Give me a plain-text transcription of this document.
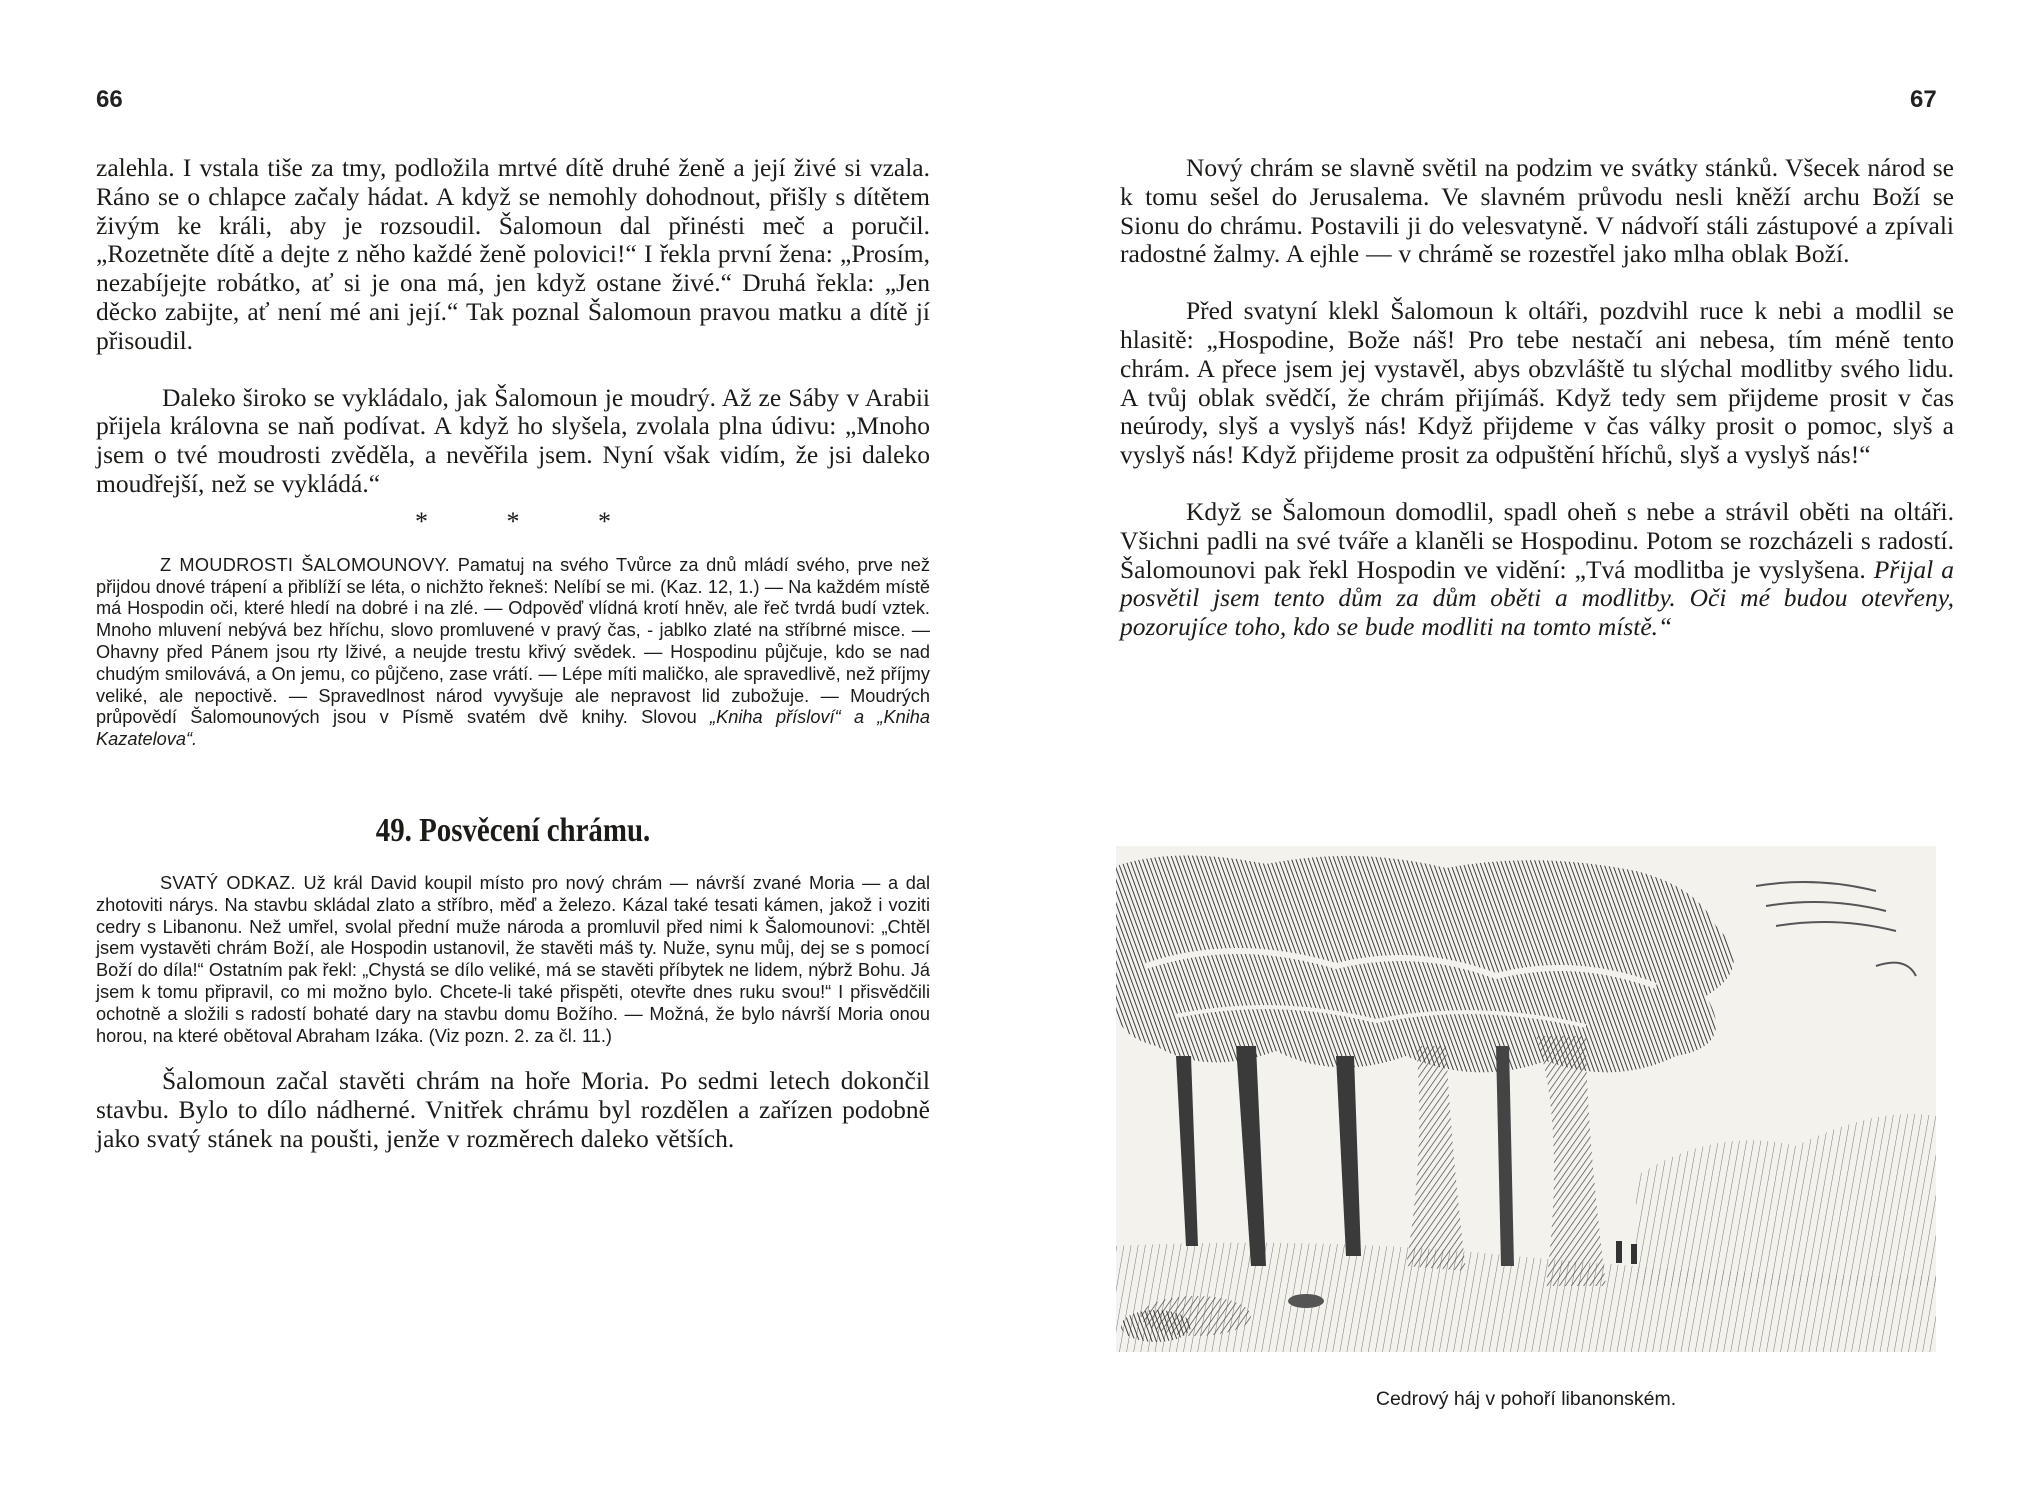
66	67

zalehla. I vstala tiše za tmy, podložila mrtvé dítě druhé ženě a její živé si vzala. Ráno se o chlapce začaly hádat. A když se nemohly dohodnout, přišly s dítětem živým ke králi, aby je rozsoudil. Šalomoun dal přinésti meč a poručil. „Rozetněte dítě a dejte z něho každé ženě polovici!“ I řekla první žena: „Prosím, nezabíjejte robátko, ať si je ona má, jen když ostane živé.“ Druhá řekla: „Jen děcko zabijte, ať není mé ani její.“ Tak poznal Šalomoun pravou matku a dítě jí přisoudil.

Daleko široko se vykládalo, jak Šalomoun je moudrý. Až ze Sáby v Arabii přijela královna se naň podívat. A když ho slyšela, zvolala plna údivu: „Mnoho jsem o tvé moudrosti zvěděla, a nevěřila jsem. Nyní však vidím, že jsi daleko moudřejší, než se vykládá.“

* * *

Z MOUDROSTI ŠALOMOUNOVY. Pamatuj na svého Tvůrce za dnů mládí svého, prve než přijdou dnové trápení a přiblíží se léta, o nichžto řekneš: Nelíbí se mi. (Kaz. 12, 1.) — Na každém místě má Hospodin oči, které hledí na dobré i na zlé. — Odpověď vlídná krotí hněv, ale řeč tvrdá budí vztek. Mnoho mluvení nebývá bez hříchu, slovo promluvené v pravý čas, - jablko zlaté na stříbrné misce. — Ohavny před Pánem jsou rty lživé, a neujde trestu křivý svědek. — Hospodinu půjčuje, kdo se nad chudým smilovává, a On jemu, co půjčeno, zase vrátí. — Lépe míti maličko, ale spravedlivě, než příjmy veliké, ale nepoctivě. — Spravedlnost národ vyvyšuje ale nepravost lid zubožuje. — Moudrých průpovědí Šalomounových jsou v Písmě svatém dvě knihy. Slovou „Kniha přísloví“ a „Kniha Kazatelova“.

49. Posvěcení chrámu.

SVATÝ ODKAZ. Už král David koupil místo pro nový chrám — návrší zvané Moria — a dal zhotoviti nárys. Na stavbu skládal zlato a stříbro, měď a železo. Kázal také tesati kámen, jakož i voziti cedry s Libanonu. Než umřel, svolal přední muže národa a promluvil před nimi k Šalomounovi: „Chtěl jsem vystavěti chrám Boží, ale Hospodin ustanovil, že stavěti máš ty. Nuže, synu můj, dej se s pomocí Boží do díla!“ Ostatním pak řekl: „Chystá se dílo veliké, má se stavěti příbytek ne lidem, nýbrž Bohu. Já jsem k tomu připravil, co mi možno bylo. Chcete-li také přispěti, otevřte dnes ruku svou!“ I přisvědčili ochotně a složili s radostí bohaté dary na stavbu domu Božího. — Možná, že bylo návrší Moria onou horou, na které obětoval Abraham Izáka. (Viz pozn. 2. za čl. 11.)

Šalomoun začal stavěti chrám na hoře Moria. Po sedmi letech dokončil stavbu. Bylo to dílo nádherné. Vnitřek chrámu byl rozdělen a zařízen podobně jako svatý stánek na poušti, jenže v rozměrech daleko větších.

Nový chrám se slavně světil na podzim ve svátky stánků. Všecek národ se k tomu sešel do Jerusalema. Ve slavném průvodu nesli kněží archu Boží se Sionu do chrámu. Postavili ji do velesvatyně. V nádvoří stáli zástupové a zpívali radostné žalmy. A ejhle — v chrámě se rozestřel jako mlha oblak Boží.

Před svatyní klekl Šalomoun k oltáři, pozdvihl ruce k nebi a modlil se hlasitě: „Hospodine, Bože náš! Pro tebe nestačí ani nebesa, tím méně tento chrám. A přece jsem jej vystavěl, abys obzvláště tu slýchal modlitby svého lidu. A tvůj oblak svědčí, že chrám přijímáš. Když tedy sem přijdeme prosit v čas neúrody, slyš a vyslyš nás! Když přijdeme v čas války prosit o pomoc, slyš a vyslyš nás! Když přijdeme prosit za odpuštění hříchů, slyš a vyslyš nás!“

Když se Šalomoun domodlil, spadl oheň s nebe a strávil oběti na oltáři. Všichni padli na své tváře a klaněli se Hospodinu. Potom se rozcházeli s radostí. Šalomounovi pak řekl Hospodin ve vidění: „Tvá modlitba je vyslyšena. Přijal a posvětil jsem tento dům za dům oběti a modlitby. Oči mé budou otevřeny, pozorujíce toho, kdo se bude modliti na tomto místě.“

Cedrový háj v pohoří libanonském.
